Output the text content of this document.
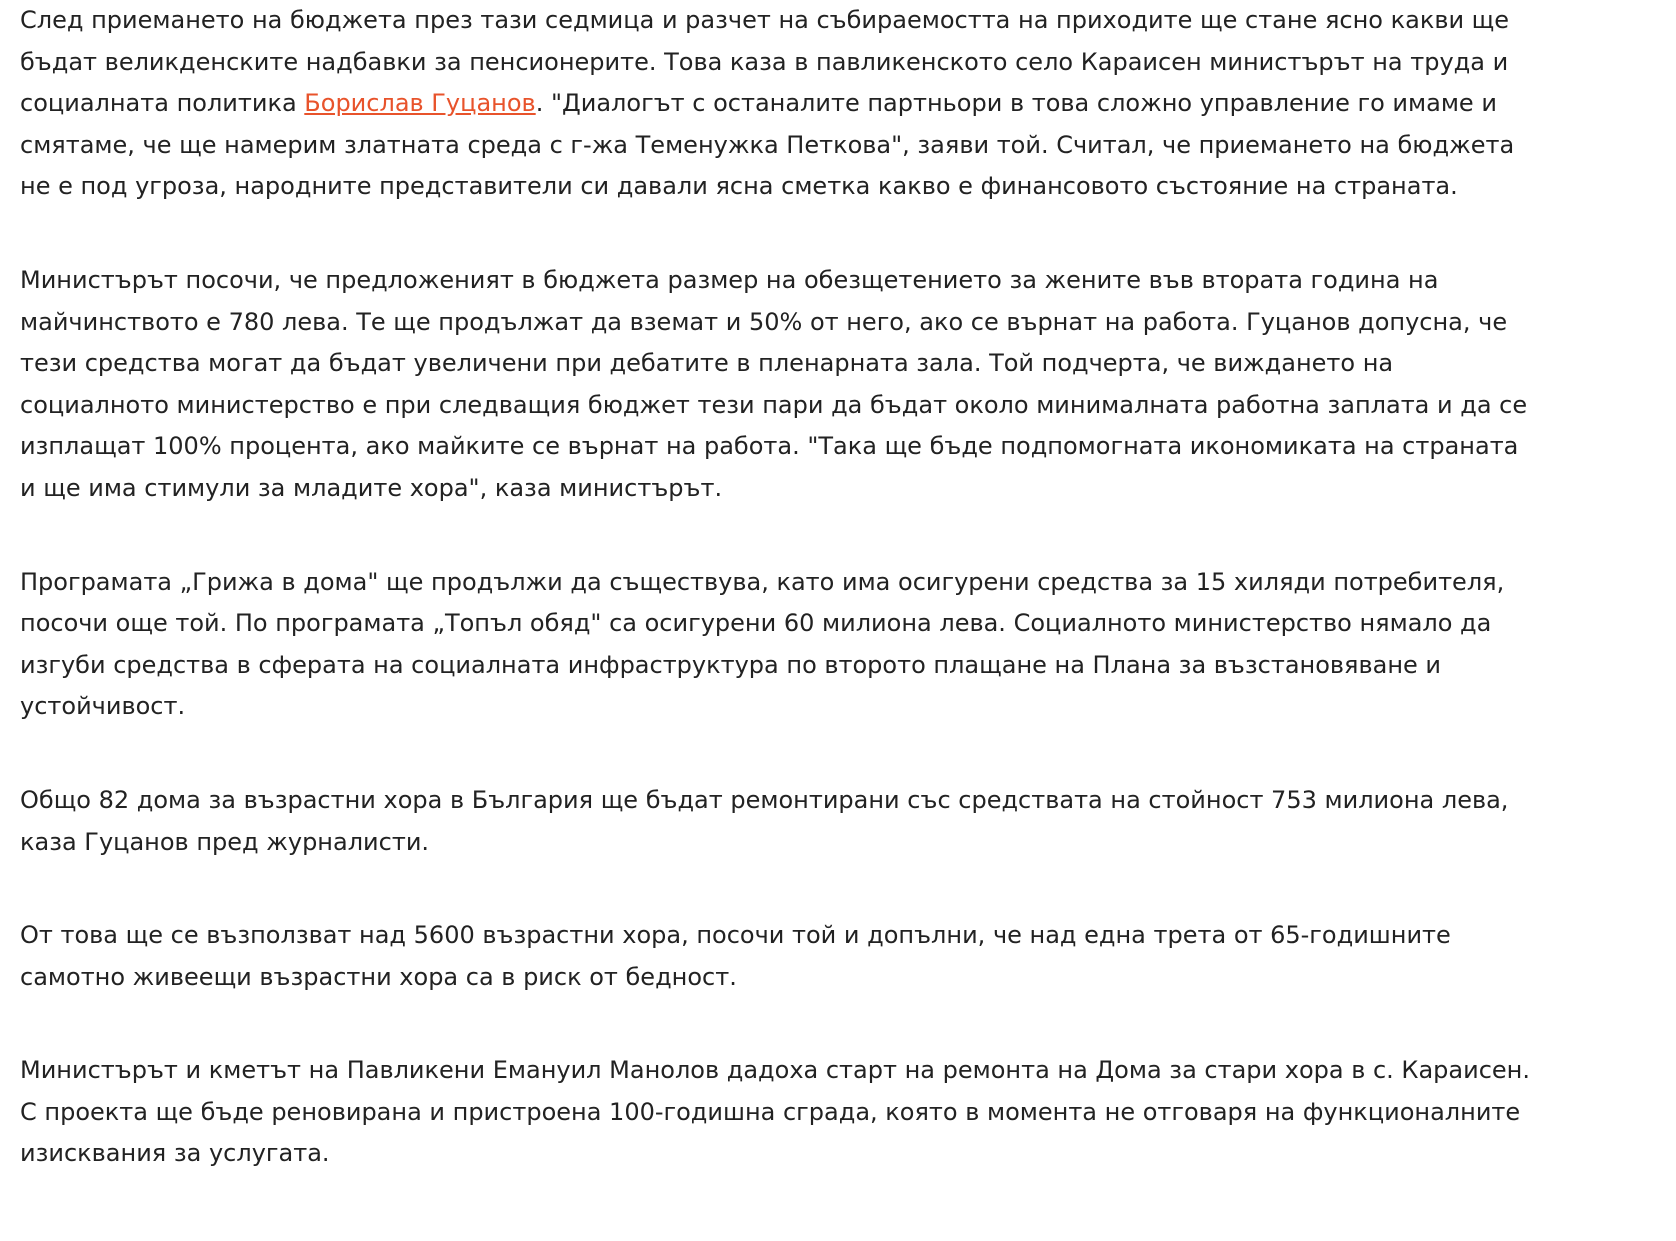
След приемането на бюджета през тази седмица и разчет на събираемостта на приходите ще стане ясно какви ще бъдат великденските надбавки за пенсионерите. Това каза в павликенското село Караисен министърът на труда и социалната политика Борислав Гуцанов. "Диалогът с останалите партньори в това сложно управление го имаме и смятаме, че ще намерим златната среда с г-жа Теменужка Петкова", заяви той. Считал, че приемането на бюджета не е под угроза, народните представители си давали ясна сметка какво е финансовото състояние на страната.

Министърът посочи, че предложеният в бюджета размер на обезщетението за жените във втората година на майчинството е 780 лева. Те ще продължат да вземат и 50% от него, ако се върнат на работа. Гуцанов допусна, че тези средства могат да бъдат увеличени при дебатите в пленарната зала. Той подчерта, че виждането на социалното министерство е при следващия бюджет тези пари да бъдат около минималната работна заплата и да се изплащат 100% процента, ако майките се върнат на работа. "Така ще бъде подпомогната икономиката на страната и ще има стимули за младите хора", каза министърът.

Програмата „Грижа в дома" ще продължи да съществува, като има осигурени средства за 15 хиляди потребителя, посочи още той. По програмата „Топъл обяд" са осигурени 60 милиона лева. Социалното министерство нямало да изгуби средства в сферата на социалната инфраструктура по второто плащане на Плана за възстановяване и устойчивост.

Общо 82 дома за възрастни хора в България ще бъдат ремонтирани със средствата на стойност 753 милиона лева, каза Гуцанов пред журналисти.

От това ще се възползват над 5600 възрастни хора, посочи той и допълни, че над една трета от 65-годишните самотно живеещи възрастни хора са в риск от бедност.

Министърът и кметът на Павликени Емануил Манолов дадоха старт на ремонта на Дома за стари хора в с. Караисен. С проекта ще бъде реновирана и пристроена 100-годишна сграда, която в момента не отговаря на функционалните изисквания за услугата.
